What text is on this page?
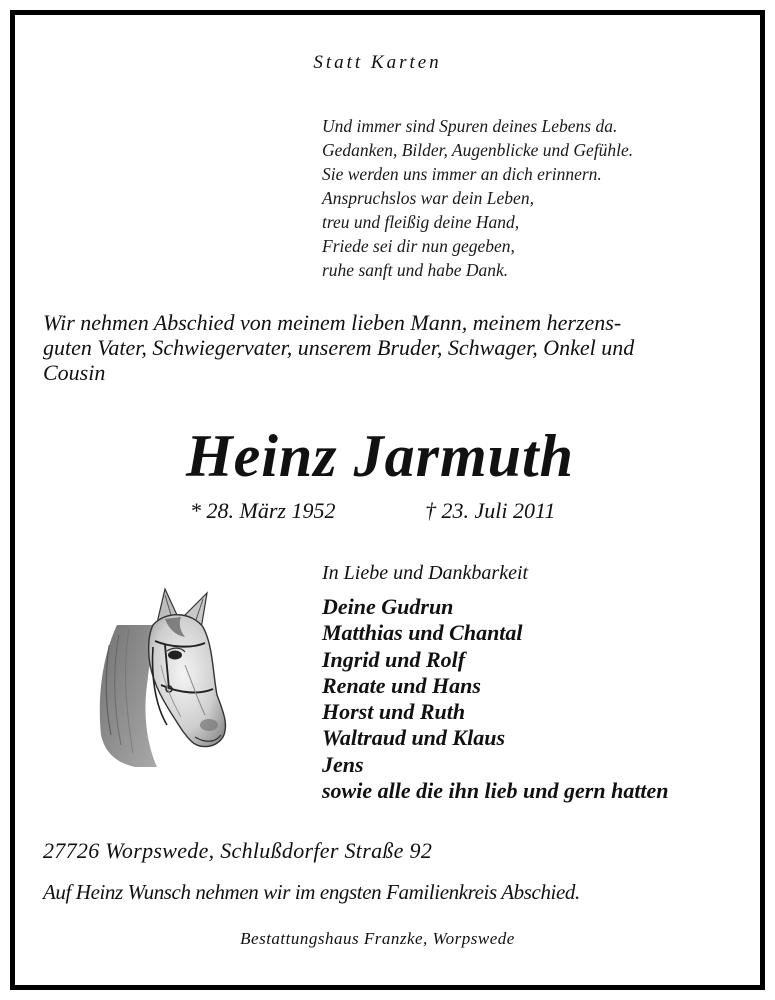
Statt Karten
Und immer sind Spuren deines Lebens da.
Gedanken, Bilder, Augenblicke und Gefühle.
Sie werden uns immer an dich erinnern.
Anspruchslos war dein Leben,
treu und fleißig deine Hand,
Friede sei dir nun gegeben,
ruhe sanft und habe Dank.
Wir nehmen Abschied von meinem lieben Mann, meinem herzens-
guten Vater, Schwiegervater, unserem Bruder, Schwager, Onkel und
Cousin
Heinz Jarmuth
* 28. März 1952	† 23. Juli 2011
In Liebe und Dankbarkeit
Deine Gudrun
Matthias und Chantal
Ingrid und Rolf
Renate und Hans
Horst und Ruth
Waltraud und Klaus
Jens
sowie alle die ihn lieb und gern hatten
27726 Worpswede, Schlußdorfer Straße 92
Auf Heinz Wunsch nehmen wir im engsten Familienkreis Abschied.
Bestattungshaus Franzke, Worpswede
